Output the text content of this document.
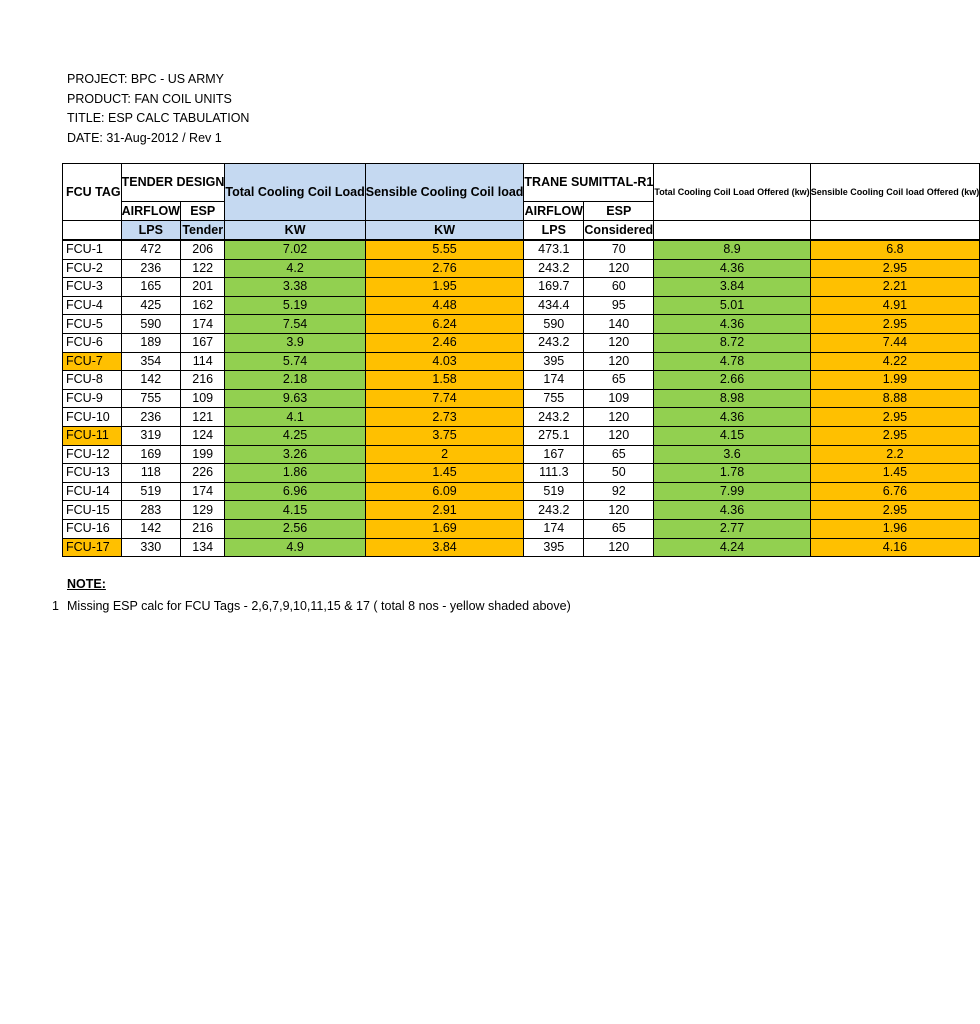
PROJECT: BPC - US ARMY
PRODUCT: FAN COIL UNITS
TITLE: ESP CALC TABULATION
DATE: 31-Aug-2012 / Rev 1
FCU TAG	TENDER DESIGN		Total Cooling Coil Load	Sensible Cooling Coil load	TRANE SUMITTAL-R1		Total Cooling Coil Load Offered (kw)	Sensible Cooling Coil load Offered (kw)
	AIRFLOW	ESP			AIRFLOW	ESP		
	LPS	Tender	KW	KW	LPS	Considered		
FCU-1	472	206	7.02	5.55	473.1	70	8.9	6.8
FCU-2	236	122	4.2	2.76	243.2	120	4.36	2.95
FCU-3	165	201	3.38	1.95	169.7	60	3.84	2.21
FCU-4	425	162	5.19	4.48	434.4	95	5.01	4.91
FCU-5	590	174	7.54	6.24	590	140	4.36	2.95
FCU-6	189	167	3.9	2.46	243.2	120	8.72	7.44
FCU-7	354	114	5.74	4.03	395	120	4.78	4.22
FCU-8	142	216	2.18	1.58	174	65	2.66	1.99
FCU-9	755	109	9.63	7.74	755	109	8.98	8.88
FCU-10	236	121	4.1	2.73	243.2	120	4.36	2.95
FCU-11	319	124	4.25	3.75	275.1	120	4.15	2.95
FCU-12	169	199	3.26	2	167	65	3.6	2.2
FCU-13	118	226	1.86	1.45	111.3	50	1.78	1.45
FCU-14	519	174	6.96	6.09	519	92	7.99	6.76
FCU-15	283	129	4.15	2.91	243.2	120	4.36	2.95
FCU-16	142	216	2.56	1.69	174	65	2.77	1.96
FCU-17	330	134	4.9	3.84	395	120	4.24	4.16
NOTE:
1 Missing ESP calc for FCU Tags - 2,6,7,9,10,11,15 & 17 ( total 8 nos - yellow shaded above)
